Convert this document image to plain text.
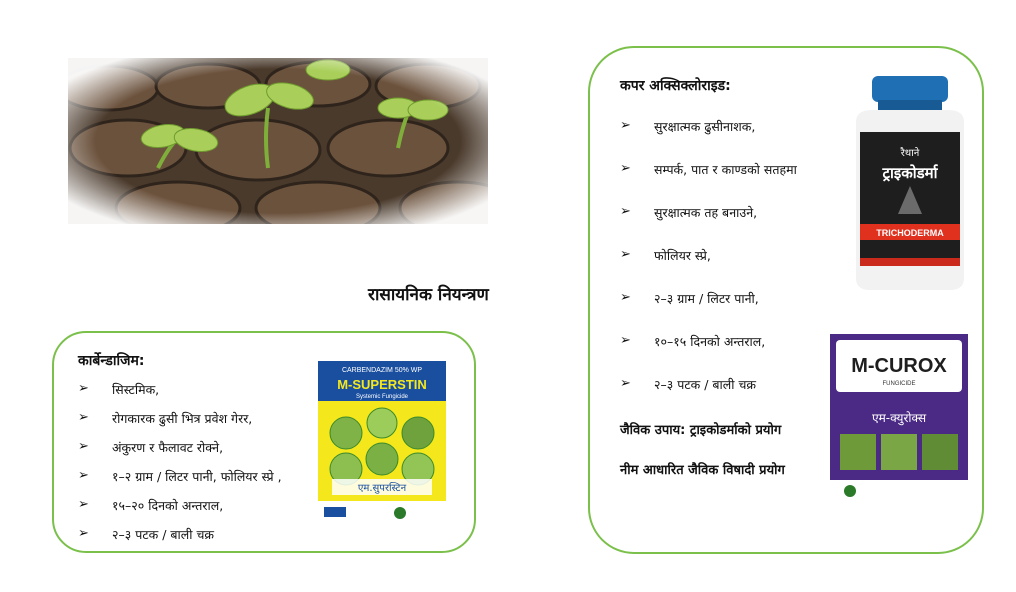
रासायनिक नियन्त्रण
कार्बेन्डाजिम:
➢	सिस्टमिक,
➢	रोगकारक ढुसी भित्र प्रवेश गेरर,
➢	अंकुरण र फैलावट रोक्ने,
➢	१–२ ग्राम / लिटर पानी, फोलियर स्प्रे ,
➢	१५–२० दिनको अन्तराल,
➢	२–३ पटक / बाली चक्र
CARBENDAZIM 50% WP
M-SUPERSTIN
Systemic Fungicide
एम.सुपरस्टिन
कपर अक्सिक्लोराइड:
➢	सुरक्षात्मक ढुसीनाशक,
➢	सम्पर्क, पात र काण्डको सतहमा
➢	सुरक्षात्मक तह बनाउने,
➢	फोलियर स्प्रे,
➢	२–३ ग्राम / लिटर पानी,
➢	१०–१५ दिनको अन्तराल,
➢	२–३ पटक / बाली चक्र
जैविक उपाय: ट्राइकोडर्माको प्रयोग
नीम आधारित जैविक विषादी प्रयोग
रैथाने
ट्राइकोडर्मा
TRICHODERMA
M-CUROX
FUNGICIDE
एम-क्युरोक्स
